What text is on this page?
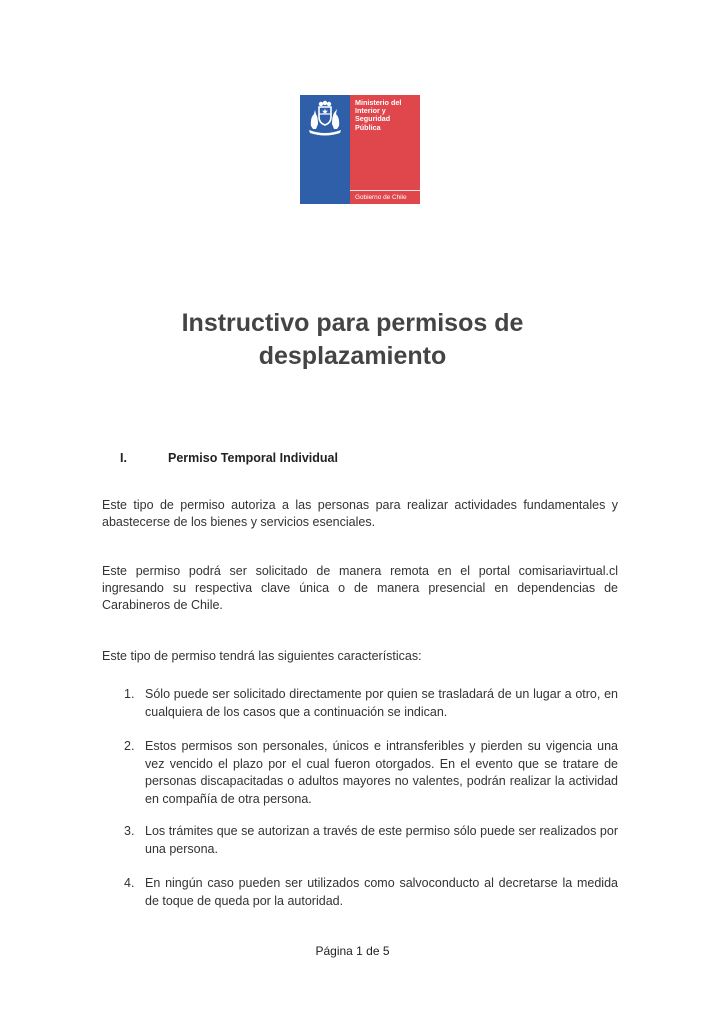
Ministerio del
Interior y
Seguridad
Pública
Gobierno de Chile
Instructivo para permisos de
desplazamiento
I.	Permiso Temporal Individual
Este tipo de permiso autoriza a las personas para realizar actividades fundamentales y abastecerse de los bienes y servicios esenciales.
Este permiso podrá ser solicitado de manera remota en el portal comisariavirtual.cl ingresando su respectiva clave única o de manera presencial en dependencias de Carabineros de Chile.
Este tipo de permiso tendrá las siguientes características:
1. Sólo puede ser solicitado directamente por quien se trasladará de un lugar a otro, en cualquiera de los casos que a continuación se indican.
2. Estos permisos son personales, únicos e intransferibles y pierden su vigencia una vez vencido el plazo por el cual fueron otorgados. En el evento que se tratare de personas discapacitadas o adultos mayores no valentes, podrán realizar la actividad en compañía de otra persona.
3. Los trámites que se autorizan a través de este permiso sólo puede ser realizados por una persona.
4. En ningún caso pueden ser utilizados como salvoconducto al decretarse la medida de toque de queda por la autoridad.
Página 1 de 5
